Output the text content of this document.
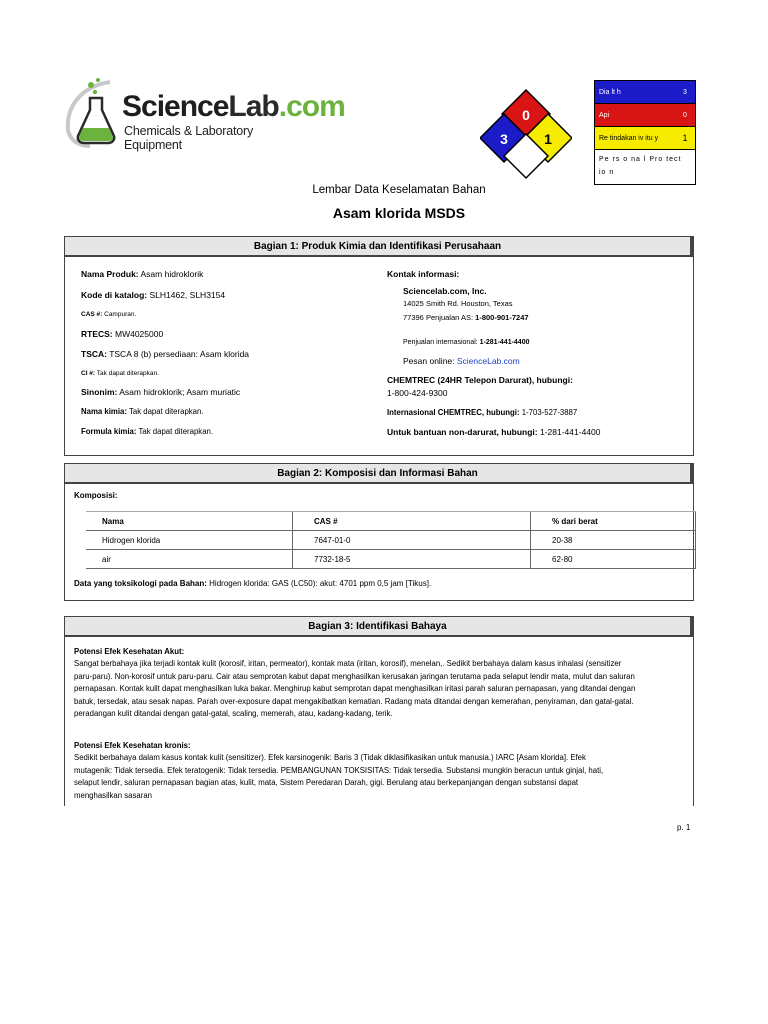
ScienceLab.com
Chemicals & Laboratory Equipment
0
3	1
Dia lt h	3
Api	0
Re tindakan iv itu y	1
Pe rs o na l Pro tect
io n
Lembar Data Keselamatan Bahan
Asam klorida MSDS
Bagian 1: Produk Kimia dan Identifikasi Perusahaan
Nama Produk: Asam hidroklorik
Kode di katalog: SLH1462, SLH3154
CAS #: Campuran.
RTECS: MW4025000
TSCA: TSCA 8 (b) persediaan: Asam klorida
CI #: Tak dapat diterapkan.
Sinonim: Asam hidroklorik; Asam muriatic
Nama kimia: Tak dapat diterapkan.
Formula kimia: Tak dapat diterapkan.
Kontak informasi:
Sciencelab.com, Inc.
14025 Smith Rd. Houston, Texas
77396 Penjualan AS: 1-800-901-7247
Penjualan internasional: 1-281-441-4400
Pesan online: ScienceLab.com
CHEMTREC (24HR Telepon Darurat), hubungi:
1-800-424-9300
Internasional CHEMTREC, hubungi: 1-703-527-3887
Untuk bantuan non-darurat, hubungi: 1-281-441-4400
Bagian 2: Komposisi dan Informasi Bahan
Komposisi:
Nama	CAS #	% dari berat
Hidrogen klorida	7647-01-0	20-38
air	7732-18-5	62-80
Data yang toksikologi pada Bahan: Hidrogen klorida: GAS (LC50): akut: 4701 ppm 0,5 jam [Tikus].
Bagian 3: Identifikasi Bahaya
Potensi Efek Kesehatan Akut:
Sangat berbahaya jika terjadi kontak kulit (korosif, iritan, permeator), kontak mata (iritan, korosif), menelan,. Sedikit berbahaya dalam kasus inhalasi (sensitizer
paru-paru). Non-korosif untuk paru-paru. Cair atau semprotan kabut dapat menghasilkan kerusakan jaringan terutama pada selaput lendir mata, mulut dan saluran
pernapasan. Kontak kulit dapat menghasilkan luka bakar. Menghirup kabut semprotan dapat menghasilkan iritasi parah saluran pernapasan, yang ditandai dengan
batuk, tersedak, atau sesak napas. Parah over-exposure dapat mengakibatkan kematian. Radang mata ditandai dengan kemerahan, penyiraman, dan gatal-gatal.
peradangan kulit ditandai dengan gatal-gatal, scaling, memerah, atau, kadang-kadang, terik.
Potensi Efek Kesehatan kronis:
Sedikit berbahaya dalam kasus kontak kulit (sensitizer). Efek karsinogenik: Baris 3 (Tidak diklasifikasikan untuk manusia.) IARC [Asam klorida]. Efek
mutagenik: Tidak tersedia. Efek teratogenik: Tidak tersedia. PEMBANGUNAN TOKSISITAS: Tidak tersedia. Substansi mungkin beracun untuk ginjal, hati,
selaput lendir, saluran pernapasan bagian atas, kulit, mata, Sistem Peredaran Darah, gigi. Berulang atau berkepanjangan dengan substansi dapat
menghasilkan sasaran
p. 1
